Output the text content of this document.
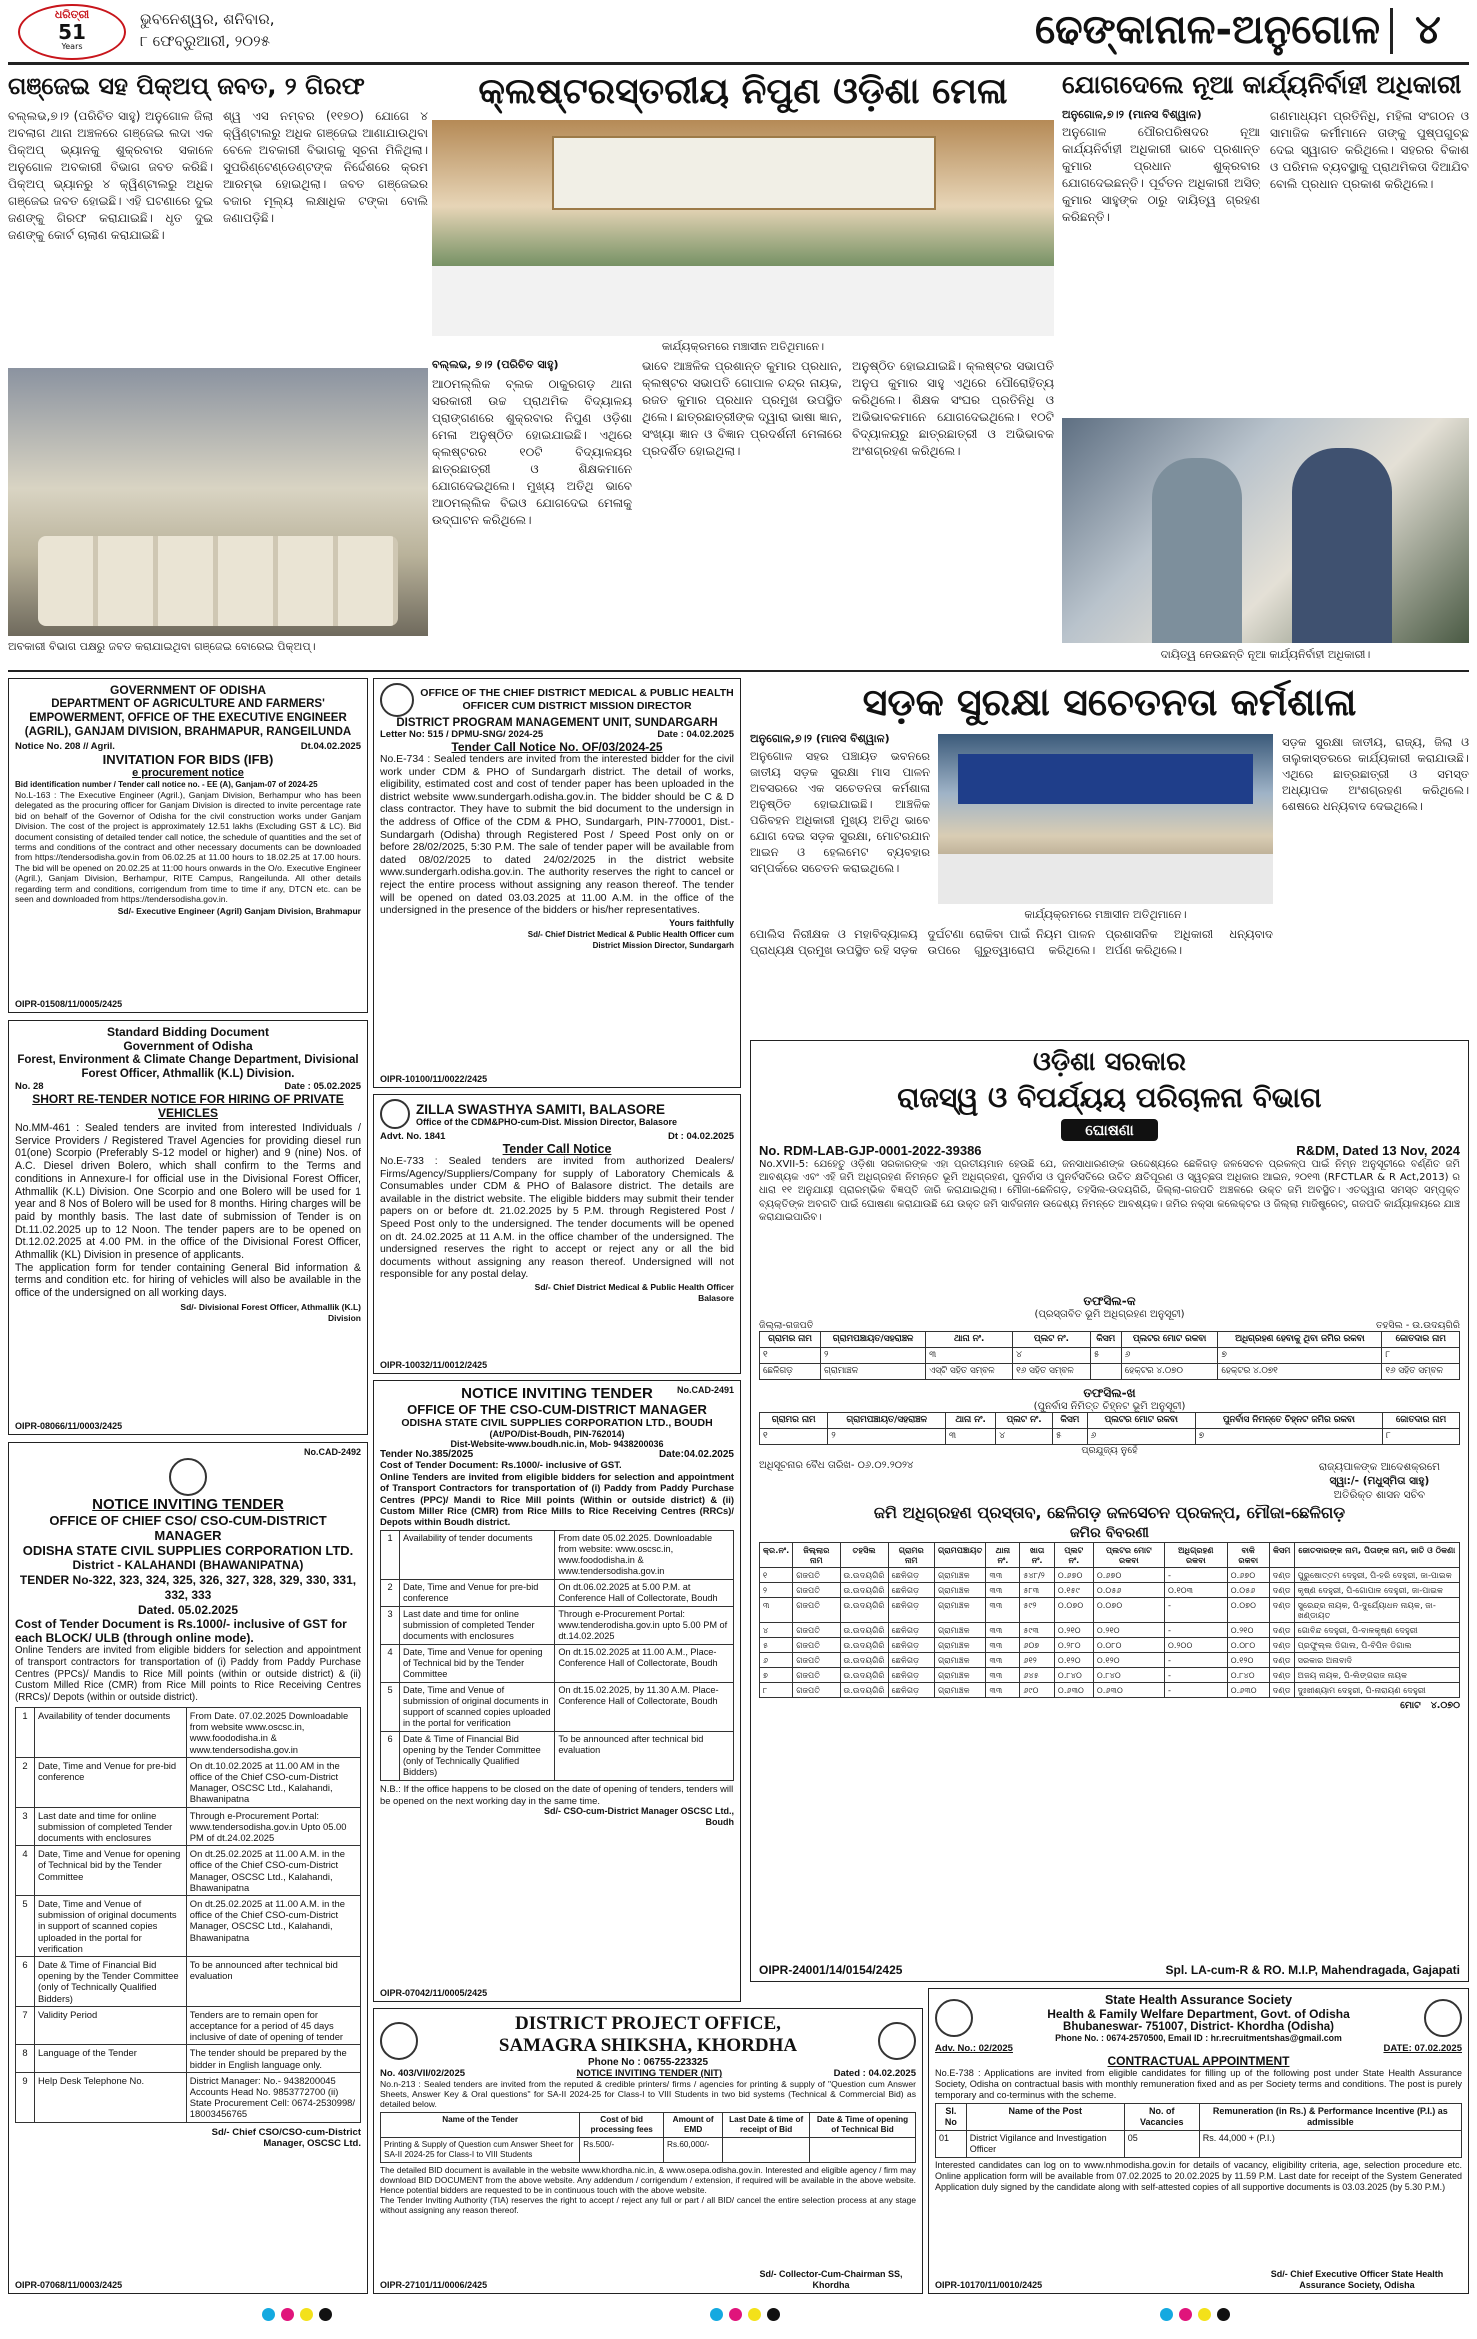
ଧରିତ୍ରୀ
51
Years
ଭୁବନେଶ୍ୱର, ଶନିବାର,
୮ ଫେବ୍ରୁଆରୀ, ୨୦୨୫	ଢେଙ୍କାନାଳ-ଅନୁଗୋଳ ୪
ଗଞ୍ଜେଇ ସହ ପିକ୍‌ଅପ୍ ଜବତ, ୨ ଗିରଫ
ବଲ୍ଲଭ,୭।୨ (ପରିଚିତ ସାହୁ) ଅନୁଗୋଳ ଜିଲା ଅବଲାଗ ଥାନା ଅଞ୍ଚଳରେ ଗଞ୍ଜେଇ ଲଦା ଏକ ପିକ୍‌ଅପ୍ ଭ୍ୟାନକୁ ଶୁକ୍ରବାର ସକାଳେ ଅନୁଗୋଳ ଅବକାରୀ ବିଭାଗ ଜବତ କରିଛି। ପିକ୍‌ଅପ୍ ଭ୍ୟାନରୁ ୪ କ୍ୱିଣ୍ଟାଲରୁ ଅଧିକ ଗଞ୍ଜେଇ ଜବତ ହୋଇଛି। ଏହି ଘଟଣାରେ ଦୁଇ ଜଣଙ୍କୁ ଗିରଫ କରାଯାଇଛି। ଧୃତ ଦୁଇ ଜଣଙ୍କୁ କୋର୍ଟ ଚାଲାଣ କରାଯାଇଛି।
ଶ୍ୱ ଏସ ନମ୍ବର (୧୧୭୦) ଯୋଗେ ୪ କ୍ୱିଣ୍ଟାଲରୁ ଅଧିକ ଗଞ୍ଜେଇ ଆଣାଯାଉଥିବା ବେଳେ ଅବକାରୀ ବିଭାଗକୁ ସୂଚନା ମିଳିଥିଲା। ସୁପରିଣ୍ଟେଣ୍ଡେଣ୍ଟଙ୍କ ନିର୍ଦ୍ଦେଶରେ କ୍ରମ ଆରମ୍ଭ ହୋଇଥିଲା। ଜବତ ଗଞ୍ଜେଇର ବଜାର ମୂଲ୍ୟ ଲକ୍ଷାଧିକ ଟଙ୍କା ବୋଲି ଜଣାପଡ଼ିଛି।
ଅବକାରୀ ବିଭାଗ ପକ୍ଷରୁ ଜବତ କରାଯାଇଥିବା ଗଞ୍ଜେଇ ବୋରେଇ ପିକ୍‌ଅପ୍।
କ୍ଲଷ୍ଟରସ୍ତରୀୟ ନିପୁଣ ଓଡ଼ିଶା ମେଳା
କାର୍ଯ୍ୟକ୍ରମରେ ମଞ୍ଚାସୀନ ଅତିଥିମାନେ।
ବଲ୍ଲଭ, ୭।୨ (ପରିଚିତ ସାହୁ)
ଆଠମଲ୍ଲିକ ବ୍ଲକ ଠାକୁରଗଡ଼ ଥାନା ସରକାରୀ ଉଚ୍ଚ ପ୍ରାଥମିକ ବିଦ୍ୟାଳୟ ପ୍ରାଙ୍ଗଣରେ ଶୁକ୍ରବାର ନିପୁଣ ଓଡ଼ିଶା ମେଳା ଅନୁଷ୍ଠିତ ହୋଇଯାଇଛି। ଏଥିରେ କ୍ଲଷ୍ଟରର ୧୦ଟି ବିଦ୍ୟାଳୟର ଛାତ୍ରଛାତ୍ରୀ ଓ ଶିକ୍ଷକମାନେ ଯୋଗଦେଇଥିଲେ। ମୁଖ୍ୟ ଅତିଥି ଭାବେ ଆଠମଲ୍ଲିକ ବିଇଓ ଯୋଗଦେଇ ମେଳାକୁ ଉଦ୍‌ଘାଟନ କରିଥିଲେ।
ଭାବେ ଆଞ୍ଚଳିକ ପ୍ରଶାନ୍ତ କୁମାର ପ୍ରଧାନ, କ୍ଲଷ୍ଟର ସଭାପତି ଗୋପାଳ ଚନ୍ଦ୍ର ନାୟକ, ରଜତ କୁମାର ପ୍ରଧାନ ପ୍ରମୁଖ ଉପସ୍ଥିତ ଥିଲେ। ଛାତ୍ରଛାତ୍ରୀଙ୍କ ଦ୍ୱାରା ଭାଷା ଜ୍ଞାନ, ସଂଖ୍ୟା ଜ୍ଞାନ ଓ ବିଜ୍ଞାନ ପ୍ରଦର୍ଶନୀ ମେଳାରେ ପ୍ରଦର୍ଶିତ ହୋଇଥିଲା।
ଅନୁଷ୍ଠିତ ହୋଇଯାଇଛି। କ୍ଲଷ୍ଟର ସଭାପତି ଅନୁପ କୁମାର ସାହୁ ଏଥିରେ ପୌରୋହିତ୍ୟ କରିଥିଲେ। ଶିକ୍ଷକ ସଂଘର ପ୍ରତିନିଧି ଓ ଅଭିଭାବକମାନେ ଯୋଗଦେଇଥିଲେ। ୧୦ଟି ବିଦ୍ୟାଳୟରୁ ଛାତ୍ରଛାତ୍ରୀ ଓ ଅଭିଭାବକ ଅଂଶଗ୍ରହଣ କରିଥିଲେ।
ଯୋଗଦେଲେ ନୂଆ କାର୍ଯ୍ୟନିର୍ବାହୀ ଅଧିକାରୀ
ଅନୁଗୋଳ,୭।୨ (ମାନସ ବିଶ୍ୱାଳ)
ଅନୁଗୋଳ ପୌରପରିଷଦର ନୂଆ କାର୍ଯ୍ୟନିର୍ବାହୀ ଅଧିକାରୀ ଭାବେ ପ୍ରଶାନ୍ତ କୁମାର ପ୍ରଧାନ ଶୁକ୍ରବାର ଯୋଗଦେଇଛନ୍ତି। ପୂର୍ବତନ ଅଧିକାରୀ ଅସିତ୍ କୁମାର ସାହୁଙ୍କ ଠାରୁ ଦାୟିତ୍ୱ ଗ୍ରହଣ କରିଛନ୍ତି।
ଗଣମାଧ୍ୟମ ପ୍ରତିନିଧି, ମହିଳା ସଂଗଠନ ଓ ସାମାଜିକ କର୍ମୀମାନେ ତାଙ୍କୁ ପୁଷ୍ପଗୁଚ୍ଛ ଦେଇ ସ୍ୱାଗତ କରିଥିଲେ। ସହରର ବିକାଶ ଓ ପରିମଳ ବ୍ୟବସ୍ଥାକୁ ପ୍ରାଥମିକତା ଦିଆଯିବ ବୋଲି ପ୍ରଧାନ ପ୍ରକାଶ କରିଥିଲେ।
ଦାୟିତ୍ୱ ନେଉଛନ୍ତି ନୂଆ କାର୍ଯ୍ୟନିର୍ବାହୀ ଅଧିକାରୀ।
GOVERNMENT OF ODISHA
DEPARTMENT OF AGRICULTURE AND FARMERS' EMPOWERMENT, OFFICE OF THE EXECUTIVE ENGINEER (AGRIL), GANJAM DIVISION, BRAHMAPUR, RANGEILUNDA
Notice No. 208 // Agril.	Dt.04.02.2025
INVITATION FOR BIDS (IFB)
e procurement notice
Bid identification number / Tender call notice no. - EE (A), Ganjam-07 of 2024-25
No.L-163 : The Executive Engineer (Agril.), Ganjam Division, Berhampur who has been delegated as the procuring officer for Ganjam Division is directed to invite percentage rate bid on behalf of the Governor of Odisha for the civil construction works under Ganjam Division. The cost of the project is approximately 12.51 lakhs (Excluding GST & LC). Bid document consisting of detailed tender call notice, the schedule of quantities and the set of terms and conditions of the contract and other necessary documents can be downloaded from https://tendersodisha.gov.in from 06.02.25 at 11.00 hours to 18.02.25 at 17.00 hours. The bid will be opened on 20.02.25 at 11:00 hours onwards in the O/o. Executive Engineer (Agril.), Ganjam Division, Berhampur, RITE Campus, Rangeilunda. All other details regarding term and conditions, corrigendum from time to time if any, DTCN etc. can be seen and downloaded from https://tendersodisha.gov.in.
Sd/- Executive Engineer (Agril) Ganjam Division, Brahmapur
OIPR-01508/11/0005/2425
OFFICE OF THE CHIEF DISTRICT MEDICAL & PUBLIC HEALTH OFFICER CUM DISTRICT MISSION DIRECTOR
DISTRICT PROGRAM MANAGEMENT UNIT, SUNDARGARH
Letter No: 515 / DPMU-SNG/ 2024-25	Date : 04.02.2025
Tender Call Notice No. OF/03/2024-25
No.E-734 : Sealed tenders are invited from the interested bidder for the civil work under CDM & PHO of Sundargarh district. The detail of works, eligibility, estimated cost and cost of tender paper has been uploaded in the district website www.sundergarh.odisha.gov.in. The bidder should be C & D class contractor. They have to submit the bid document to the undersign in the address of Office of the CDM & PHO, Sundargarh, PIN-770001, Dist.- Sundargarh (Odisha) through Registered Post / Speed Post only on or before 28/02/2025, 5:30 P.M. The sale of tender paper will be available from dated 08/02/2025 to dated 24/02/2025 in the district website www.sundergarh.odisha.gov.in. The authority reserves the right to cancel or reject the entire process without assigning any reason thereof. The tender will be opened on dated 03.03.2025 at 11.00 A.M. in the office of the undersigned in the presence of the bidders or his/her representatives.
Yours faithfully
Sd/- Chief District Medical & Public Health Officer cum District Mission Director, Sundargarh
OIPR-10100/11/0022/2425
ସଡ଼କ ସୁରକ୍ଷା ସଚେତନତା କର୍ମଶାଳା
ଅନୁଗୋଳ,୭।୨ (ମାନସ ବିଶ୍ୱାଳ)
ଅନୁଗୋଳ ସହର ପଞ୍ଚାୟତ ଭବନରେ ଜାତୀୟ ସଡ଼କ ସୁରକ୍ଷା ମାସ ପାଳନ ଅବସରରେ ଏକ ସଚେତନତା କର୍ମଶାଳା ଅନୁଷ୍ଠିତ ହୋଇଯାଇଛି। ଆଞ୍ଚଳିକ ପରିବହନ ଅଧିକାରୀ ମୁଖ୍ୟ ଅତିଥି ଭାବେ ଯୋଗ ଦେଇ ସଡ଼କ ସୁରକ୍ଷା, ମୋଟରଯାନ ଆଇନ ଓ ହେଲମେଟ ବ୍ୟବହାର ସମ୍ପର୍କରେ ସଚେତନ କରାଇଥିଲେ।
କାର୍ଯ୍ୟକ୍ରମରେ ମଞ୍ଚାସୀନ ଅତିଥିମାନେ।
ସଡ଼କ ସୁରକ୍ଷା ଜାତୀୟ, ରାଜ୍ୟ, ଜିଲା ଓ ତାଲୁକାସ୍ତରରେ କାର୍ଯ୍ୟକାରୀ କରାଯାଉଛି। ଏଥିରେ ଛାତ୍ରଛାତ୍ରୀ ଓ ସମସ୍ତ ଅଧ୍ୟାପକ ଅଂଶଗ୍ରହଣ କରିଥିଲେ। ଶେଷରେ ଧନ୍ୟବାଦ ଦେଇଥିଲେ।
ପୋଲିସ ନିରୀକ୍ଷକ ଓ ମହାବିଦ୍ୟାଳୟ ପ୍ରାଧ୍ୟକ୍ଷ ପ୍ରମୁଖ ଉପସ୍ଥିତ ରହି ସଡ଼କ ଦୁର୍ଘଟଣା ରୋକିବା ପାଇଁ ନିୟମ ପାଳନ ଉପରେ ଗୁରୁତ୍ୱାରୋପ କରିଥିଲେ। ପ୍ରଶାସନିକ ଅଧିକାରୀ ଧନ୍ୟବାଦ ଅର୍ପଣ କରିଥିଲେ।
Standard Bidding Document
Government of Odisha
Forest, Environment & Climate Change Department, Divisional Forest Officer, Athmallik (K.L) Division.
No. 28	Date : 05.02.2025
SHORT RE-TENDER NOTICE FOR HIRING OF PRIVATE VEHICLES
No.MM-461 : Sealed tenders are invited from interested Individuals / Service Providers / Registered Travel Agencies for providing diesel run 01(one) Scorpio (Preferably S-12 model or higher) and 9 (nine) Nos. of A.C. Diesel driven Bolero, which shall confirm to the Terms and conditions in Annexure-I for official use in the Divisional Forest Officer, Athmallik (K.L) Division. One Scorpio and one Bolero will be used for 1 year and 8 Nos of Bolero will be used for 8 months. Hiring charges will be paid by monthly basis. The last date of submission of Tender is on Dt.11.02.2025 up to 12 Noon. The tender papers are to be opened on Dt.12.02.2025 at 4.00 PM. in the office of the Divisional Forest Officer, Athmallik (KL) Division in presence of applicants.
The application form for tender containing General Bid information & terms and condition etc. for hiring of vehicles will also be available in the office of the undersigned on all working days.
Sd/- Divisional Forest Officer, Athmallik (K.L) Division
OIPR-08066/11/0003/2425
ZILLA SWASTHYA SAMITI, BALASORE
Office of the CDM&PHO-cum-Dist. Mission Director, Balasore
Advt. No. 1841	Dt : 04.02.2025
Tender Call Notice
No.E-733 : Sealed tenders are invited from authorized Dealers/ Firms/Agency/Suppliers/Company for supply of Laboratory Chemicals & Consumables under CDM & PHO of Balasore district. The details are available in the district website. The eligible bidders may submit their tender papers on or before dt. 21.02.2025 by 5 P.M. through Registered Post / Speed Post only to the undersigned. The tender documents will be opened on dt. 24.02.2025 at 11 A.M. in the office chamber of the undersigned. The undersigned reserves the right to accept or reject any or all the bid documents without assigning any reason thereof. Undersigned will not responsible for any postal delay.
Sd/- Chief District Medical & Public Health Officer Balasore
OIPR-10032/11/0012/2425
NOTICE INVITING TENDER
OFFICE OF THE CSO-CUM-DISTRICT MANAGER
ODISHA STATE CIVIL SUPPLIES CORPORATION LTD., BOUDH
(At/PO/Dist-Boudh, PIN-762014)
Dist-Website-www.boudh.nic.in, Mob- 9438200036
Tender No.385/2025	Date:04.02.2025
Cost of Tender Document: Rs.1000/- inclusive of GST.
Online Tenders are invited from eligible bidders for selection and appointment of Transport Contractors for transportation of (i) Paddy from Paddy Purchase Centres (PPC)/ Mandi to Rice Mill points (Within or outside district) & (ii) Custom Miller Rice (CMR) from Rice Mills to Rice Receiving Centres (RRCs)/ Depots within Boudh district.
1	Availability of tender documents	From date 05.02.2025. Downloadable from website: www.oscsc.in, www.foododisha.in & www.tendersodisha.gov.in
2	Date, Time and Venue for pre-bid conference	On dt.06.02.2025 at 5.00 P.M. at Conference Hall of Collectorate, Boudh
3	Last date and time for online submission of completed Tender documents with enclosures	Through e-Procurement Portal: www.tenderodisha.gov.in upto 5.00 PM of dt.14.02.2025
4	Date, Time and Venue for opening of Technical bid by the Tender Committee	On dt.15.02.2025 at 11.00 A.M., Place-Conference Hall of Collectorate, Boudh
5	Date, Time and Venue of submission of original documents in support of scanned copies uploaded in the portal for verification	On dt.15.02.2025, by 11.30 A.M. Place-Conference Hall of Collectorate, Boudh
6	Date & Time of Financial Bid opening by the Tender Committee (only of Technically Qualified Bidders)	To be announced after technical bid evaluation
N.B.: If the office happens to be closed on the date of opening of tenders, tenders will be opened on the next working day in the same time.
Sd/- CSO-cum-District Manager OSCSC Ltd., Boudh
OIPR-07042/11/0005/2425
No.CAD-2491
ଓଡ଼ିଶା ସରକାର
ରାଜସ୍ୱ ଓ ବିପର୍ଯ୍ୟୟ ପରିଚାଳନା ବିଭାଗ
ଘୋଷଣା
No. RDM-LAB-GJP-0001-2022-39386	R&DM, Dated 13 Nov, 2024
No.XVII-5: ଯେହେତୁ ଓଡ଼ିଶା ସରକାରଙ୍କ ଏହା ପ୍ରତୀୟମାନ ହେଉଛି ଯେ, ଜନସାଧାରଣଙ୍କ ଉଦ୍ଦେଶ୍ୟରେ ଛେଳିଗଡ଼ ଜଳସେଚନ ପ୍ରକଳ୍ପ ପାଇଁ ନିମ୍ନ ଅନୁସୂଚୀରେ ବର୍ଣ୍ଣିତ ଜମି ଆବଶ୍ୟକ ଏବଂ ଏହି ଜମି ଅଧିଗ୍ରହଣ ନିମନ୍ତେ ଭୂମି ଅଧିଗ୍ରହଣ, ପୁନର୍ବାସ ଓ ପୁନର୍ବସତିରେ ଉଚିତ କ୍ଷତିପୂରଣ ଓ ସ୍ୱଚ୍ଛତା ଅଧିକାର ଆଇନ, ୨୦୧୩ (RFCTLAR & R Act,2013) ର ଧାରା ୧୧ ଅନୁଯାୟୀ ପ୍ରାରମ୍ଭିକ ବିଜ୍ଞପ୍ତି ଜାରି କରାଯାଇଥିଲା। ମୌଜା-ଛେଳିଗଡ଼, ତହସିଲ-ଉଦୟଗିରି, ଜିଲ୍ଲା-ଗଜପତି ଅଞ୍ଚଳରେ ଉକ୍ତ ଜମି ଅବସ୍ଥିତ। ଏତଦ୍ୱାରା ସମସ୍ତ ସମ୍ପୃକ୍ତ ବ୍ୟକ୍ତିଙ୍କ ଅବଗତି ପାଇଁ ଘୋଷଣା କରାଯାଉଛି ଯେ ଉକ୍ତ ଜମି ସାର୍ବଜନୀନ ଉଦ୍ଦେଶ୍ୟ ନିମନ୍ତେ ଆବଶ୍ୟକ। ଜମିର ନକ୍ସା କଲେକ୍ଟର ଓ ଜିଲ୍ଲା ମାଜିଷ୍ଟ୍ରେଟ୍, ଗଜପତି କାର୍ଯ୍ୟାଳୟରେ ଯାଞ୍ଚ କରାଯାଇପାରିବ।
ତଫସିଲ-କ
(ପ୍ରସ୍ତାବିତ ଭୂମି ଅଧିଗ୍ରହଣ ଅନୁସୂଚୀ)
ଜିଲ୍ଲା-ଗଜପତି	ତହସିଲ - ଉ.ଉଦୟଗିରି
ଗ୍ରାମର ନାମ	ଗ୍ରାମପଞ୍ଚାୟତ/ସହରାଞ୍ଚଳ	ଥାନା ନଂ.	ପ୍ଲଟ ନଂ.	କିସମ	ପ୍ଲଟର ମୋଟ ରକବା	ଅଧିଗ୍ରହଣ ହେବାକୁ ଥିବା ଜମିର ରକବା	ଜୋତଦାର ନାମ
୧	୨	୩	୪	୫	୬	୭	୮
ଛେଳିଗଡ଼	ଗ୍ରାମାଞ୍ଚଳ	ଏସ୍‌ଟି ସହିତ ସମ୍ବଳ	୧୬ ସହିତ ସମ୍ବଳ		ହେକ୍ଟର ୪.୦୭୦	ହେକ୍ଟର ୪.୦୭୧	୧୬ ସହିତ ସମ୍ବଳ
ତଫସିଲ-ଖ
(ପୁନର୍ବାସ ନିମିତ୍ତ ଚିହ୍ନଟ ଭୂମି ଅନୁସୂଚୀ)
ଗ୍ରାମର ନାମ	ଗ୍ରାମପଞ୍ଚାୟତ/ସହରାଞ୍ଚଳ	ଥାନା ନଂ.	ପ୍ଲଟ ନଂ.	କିସମ	ପ୍ଲଟର ମୋଟ ରକବା	ପୁନର୍ବାସ ନିମନ୍ତେ ଚିହ୍ନଟ ଜମିର ରକବା	ଜୋତଦାର ନାମ
୧	୨	୩	୪	୫	୬	୭	୮
ପ୍ରଯୁଜ୍ୟ ନୁହେଁ
ଅଧିସୂଚନାର ବୈଧ ତାରିଖ- ୦୬.୦୨.୨୦୨୪	ରାଜ୍ୟପାଳଙ୍କ ଆଦେଶକ୍ରମେ
ସ୍ୱା:/- (ମଧୁସ୍ମିତା ସାହୁ)
ଅତିରିକ୍ତ ଶାସନ ସଚିବ
ଜମି ଅଧିଗ୍ରହଣ ପ୍ରସ୍ତାବ, ଛେଳିଗଡ଼ ଜଳସେଚନ ପ୍ରକଳ୍ପ, ମୌଜା-ଛେଳିଗଡ଼
ଜମିର ବିବରଣୀ
କ୍ର.ନଂ.	ଜିଲ୍ଲାର ନାମ	ତହସିଲ	ଗ୍ରାମର ନାମ	ଗ୍ରାମପଞ୍ଚାୟତ	ଥାନା ନଂ.	ଖାତା ନଂ.	ପ୍ଲଟ ନଂ.	ପ୍ଲଟର ମୋଟ ରକବା	ଅଧିଗ୍ରହଣ ରକବା	ବାକି ରକବା	କିସମ	ଜୋତଦାରଙ୍କ ନାମ, ପିତାଙ୍କ ନାମ, ଜାତି ଓ ଠିକଣା
୧	ଗଜପତି	ଉ.ଉଦୟଗିରି	ଛେଳିଗଡ଼	ଗ୍ରାମାଞ୍ଚଳ	୩୩	୫୪୮/୨	୦.୬୭୦	୦.୬୭୦	-	୦.୬୭୦	ଦଣ୍ଡ	ପୁରୁଷୋତ୍ତମ ଦେହୁରୀ, ପି-ହରି ଦେହୁରୀ, ଜା-ପାଇକ
୨	ଗଜପତି	ଉ.ଉଦୟଗିରି	ଛେଳିଗଡ଼	ଗ୍ରାମାଞ୍ଚଳ	୩୩	୫୮୩	୦.୧୫୯	୦.୦୫୬	୦.୧୦୩	୦.୦୫୬	ଦଣ୍ଡ	କୃଷ୍ଣ ଦେହୁରୀ, ପି-ଗୋପାଳ ଦେହୁରୀ, ଜା-ପାଇକ
୩	ଗଜପତି	ଉ.ଉଦୟଗିରି	ଛେଳିଗଡ଼	ଗ୍ରାମାଞ୍ଚଳ	୩୩	୫୯୨	୦.୦୭୦	୦.୦୭୦	-	୦.୦୭୦	ଦଣ୍ଡ	ସୁରେନ୍ଦ୍ର ନାୟକ, ପି-ଦୁର୍ଯ୍ୟୋଧନ ନାୟକ, ଜା-ଖଣ୍ଡାୟତ
୪	ଗଜପତି	ଉ.ଉଦୟଗିରି	ଛେଳିଗଡ଼	ଗ୍ରାମାଞ୍ଚଳ	୩୩	୫୯୩	୦.୨୧୦	୦.୨୧୦	-	୦.୨୧୦	ଦଣ୍ଡ	ଗୋବିନ୍ଦ ଦେହୁରୀ, ପି-ବାଳକୃଷ୍ଣ ଦେହୁରୀ
୫	ଗଜପତି	ଉ.ଉଦୟଗିରି	ଛେଳିଗଡ଼	ଗ୍ରାମାଞ୍ଚଳ	୩୩	୬୦୭	୦.୨୮୦	୦.୦୮୦	୦.୨୦୦	୦.୦୮୦	ଦଣ୍ଡ	ପ୍ରଫୁଲ୍ଲ ଡିଗାଲ, ପି-ବିପିନ ଡିଗାଲ
୬	ଗଜପତି	ଉ.ଉଦୟଗିରି	ଛେଳିଗଡ଼	ଗ୍ରାମାଞ୍ଚଳ	୩୩	୬୧୨	୦.୧୨୦	୦.୧୨୦	-	୦.୧୨୦	ଦଣ୍ଡ	ସରକାର ଅନାବାଦି
୭	ଗଜପତି	ଉ.ଉଦୟଗିରି	ଛେଳିଗଡ଼	ଗ୍ରାମାଞ୍ଚଳ	୩୩	୬୪୫	୦.୮୪୦	୦.୮୪୦	-	୦.୮୪୦	ଦଣ୍ଡ	ଅଜୟ ନାୟକ, ପି-ଲିଙ୍ଗରାଜ ନାୟକ
୮	ଗଜପତି	ଉ.ଉଦୟଗିରି	ଛେଳିଗଡ଼	ଗ୍ରାମାଞ୍ଚଳ	୩୩	୬୯୦	୦.୬୩୦	୦.୬୩୦	-	୦.୬୩୦	ଦଣ୍ଡ	ଦୁଃଖୀଶ୍ୟାମ ଦେହୁରୀ, ପି-ନାରାୟଣ ଦେହୁରୀ
ମୋଟ ୪.୦୭୦
OIPR-24001/14/0154/2425	Spl. LA-cum-R & RO. M.I.P, Mahendragada, Gajapati
No.CAD-2492
NOTICE INVITING TENDER
OFFICE OF CHIEF CSO/ CSO-CUM-DISTRICT MANAGER
ODISHA STATE CIVIL SUPPLIES CORPORATION LTD.
District - KALAHANDI (BHAWANIPATNA)
TENDER No-322, 323, 324, 325, 326, 327, 328, 329, 330, 331, 332, 333
Dated. 05.02.2025
Cost of Tender Document is Rs.1000/- inclusive of GST for each BLOCK/ ULB (through online mode).
Online Tenders are invited from eligible bidders for selection and appointment of transport contractors for transportation of (i) Paddy from Paddy Purchase Centres (PPCs)/ Mandis to Rice Mill points (within or outside district) & (ii) Custom Milled Rice (CMR) from Rice Mill points to Rice Receiving Centres (RRCs)/ Depots (within or outside district).
1	Availability of tender documents	From Date. 07.02.2025 Downloadable from website www.oscsc.in, www.foododisha.in & www.tendersodisha.gov.in
2	Date, Time and Venue for pre-bid conference	On dt.10.02.2025 at 11.00 AM in the office of the Chief CSO-cum-District Manager, OSCSC Ltd., Kalahandi, Bhawanipatna
3	Last date and time for online submission of completed Tender documents with enclosures	Through e-Procurement Portal: www.tendersodisha.gov.in Upto 05.00 PM of dt.24.02.2025
4	Date, Time and Venue for opening of Technical bid by the Tender Committee	On dt.25.02.2025 at 11.00 A.M. in the office of the Chief CSO-cum-District Manager, OSCSC Ltd., Kalahandi, Bhawanipatna
5	Date, Time and Venue of submission of original documents in support of scanned copies uploaded in the portal for verification	On dt.25.02.2025 at 11.00 A.M. in the office of the Chief CSO-cum-District Manager, OSCSC Ltd., Kalahandi, Bhawanipatna
6	Date & Time of Financial Bid opening by the Tender Committee (only of Technically Qualified Bidders)	To be announced after technical bid evaluation
7	Validity Period	Tenders are to remain open for acceptance for a period of 45 days inclusive of date of opening of tender
8	Language of the Tender	The tender should be prepared by the bidder in English language only.
9	Help Desk Telephone No.	District Manager: No.- 9438200045 Accounts Head No. 9853772700 (ii) State Procurement Cell: 0674-2530998/ 18003456765
Sd/- Chief CSO/CSO-cum-District Manager, OSCSC Ltd.
OIPR-07068/11/0003/2425
DISTRICT PROJECT OFFICE,
SAMAGRA SHIKSHA, KHORDHA
Phone No : 06755-223325
No. 403/VII/02/2025	NOTICE INVITING TENDER (NIT)	Dated : 04.02.2025
No.n-213 : Sealed tenders are invited from the reputed & credible printers/ firms / agencies for printing & supply of "Question cum Answer Sheets, Answer Key & Oral questions" for SA-II 2024-25 for Class-I to VIII Students in two bid systems (Technical & Commercial Bid) as detailed below.
Name of the Tender	Cost of bid processing fees	Amount of EMD	Last Date & time of receipt of Bid	Date & Time of opening of Technical Bid
Printing & Supply of Question cum Answer Sheet for SA-II 2024-25 for Class-I to VIII Students	Rs.500/-	Rs.60,000/-		
The detailed BID document is available in the website www.khordha.nic.in, & www.osepa.odisha.gov.in. Interested and eligible agency / firm may download BID DOCUMENT from the above website. Any addendum / corrigendum / extension, if required will be available in the above website. Hence potential bidders are requested to be in continuous touch with the above website.
The Tender Inviting Authority (TIA) reserves the right to accept / reject any full or part / all BID/ cancel the entire selection process at any stage without assigning any reason thereof.
OIPR-27101/11/0006/2425
Sd/- Collector-Cum-Chairman SS, Khordha
State Health Assurance Society
Health & Family Welfare Department, Govt. of Odisha
Bhubaneswar- 751007, District- Khordha (Odisha)
Phone No. : 0674-2570500, Email ID : hr.recruitmentshas@gmail.com
Adv. No.: 02/2025	DATE: 07.02.2025
CONTRACTUAL APPOINTMENT
No.E-738 : Applications are invited from eligible candidates for filling up of the following post under State Health Assurance Society, Odisha on contractual basis with monthly remuneration fixed and as per Society terms and conditions. The post is purely temporary and co-terminus with the scheme.
Sl. No	Name of the Post	No. of Vacancies	Remuneration (in Rs.) & Performance Incentive (P.I.) as admissible
01	District Vigilance and Investigation Officer	05	Rs. 44,000 + (P.I.)
Interested candidates can log on to www.nhmodisha.gov.in for details of vacancy, eligibility criteria, age, selection procedure etc. Online application form will be available from 07.02.2025 to 20.02.2025 by 11.59 P.M. Last date for receipt of the System Generated Application duly signed by the candidate along with self-attested copies of all supportive documents is 03.03.2025 (by 5.30 P.M.)
OIPR-10170/11/0010/2425
Sd/- Chief Executive Officer State Health Assurance Society, Odisha
